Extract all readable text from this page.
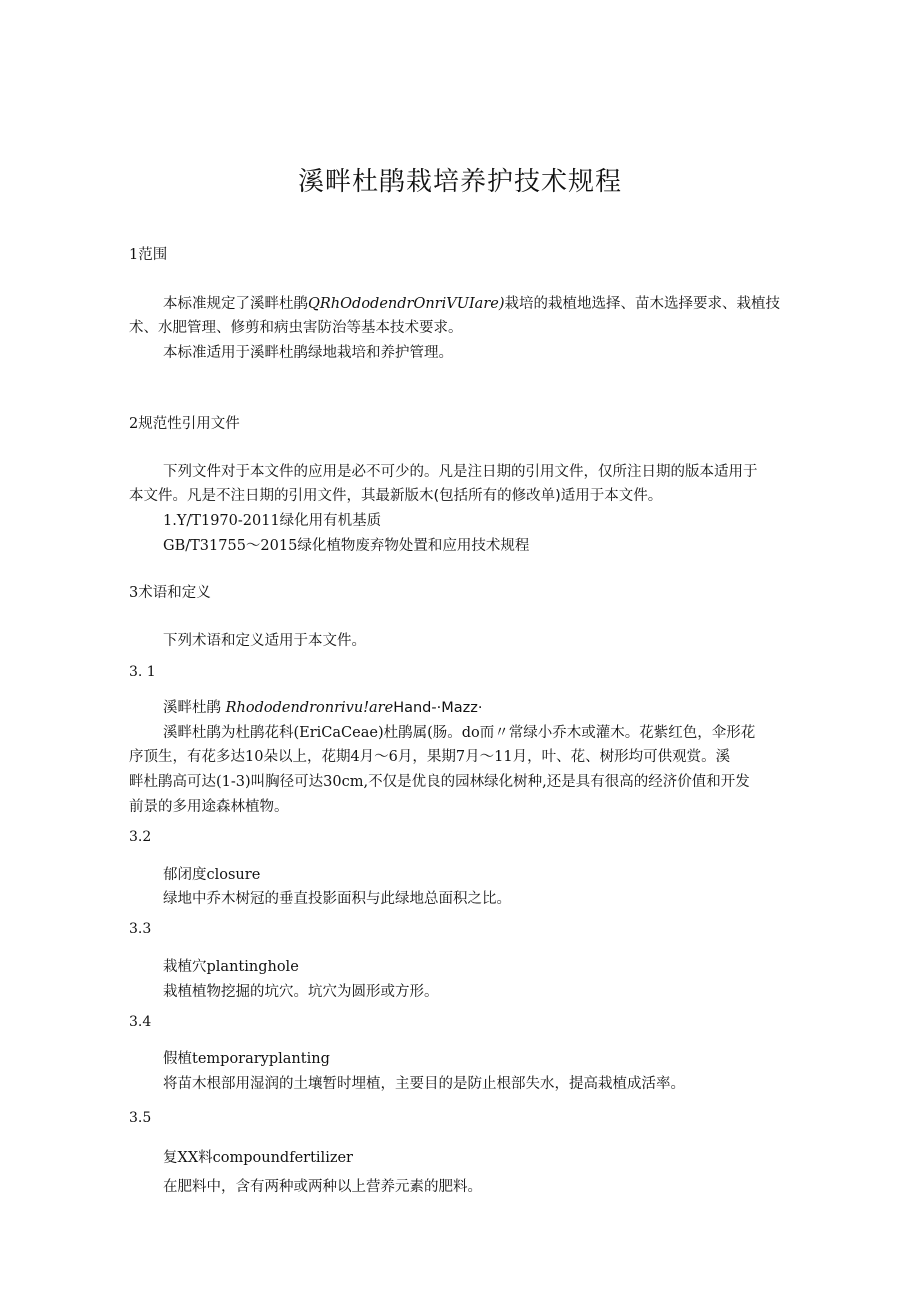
溪畔杜鹃栽培养护技术规程
1范围
本标准规定了溪畔杜鹃QRhOdodendrOnriVUIare)栽培的栽植地选择、苗木选择要求、栽植技
术、水肥管理、修剪和病虫害防治等基本技术要求。
本标准适用于溪畔杜鹃绿地栽培和养护管理。
2规范性引用文件
下列文件对于本文件的应用是必不可少的。凡是注日期的引用文件，仅所注日期的版本适用于
本文件。凡是不注日期的引用文件，其最新版木(包括所有的修改单)适用于本文件。
1.Y/T1970-2011绿化用有机基质
GB/T31755～2015绿化植物废弃物处置和应用技术规程
3术语和定义
下列术语和定义适用于本文件。
3. 1
溪畔杜鹃 Rhododendronrivu!areHand-·Mazz·
溪畔杜鹃为杜鹃花科(EriCaCeae)杜鹃属(肠。do而〃常绿小乔木或灌木。花紫红色，伞形花
序顶生，有花多达10朵以上，花期4月～6月，果期7月～11月，叶、花、树形均可供观赏。溪
畔杜鹃高可达(1-3)叫胸径可达30cm,不仅是优良的园林绿化树种,还是具有很高的经济价值和开发
前景的多用途森林植物。
3.2
郁闭度closure
绿地中乔木树冠的垂直投影面积与此绿地总面积之比。
3.3
栽植穴plantinghole
栽植植物挖掘的坑穴。坑穴为圆形或方形。
3.4
假植temporaryplanting
将苗木根部用湿润的土壤暂时埋植，主要目的是防止根部失水，提高栽植成活率。
3.5
复XX料compoundfertilizer
在肥料中，含有两种或两种以上营养元素的肥料。
